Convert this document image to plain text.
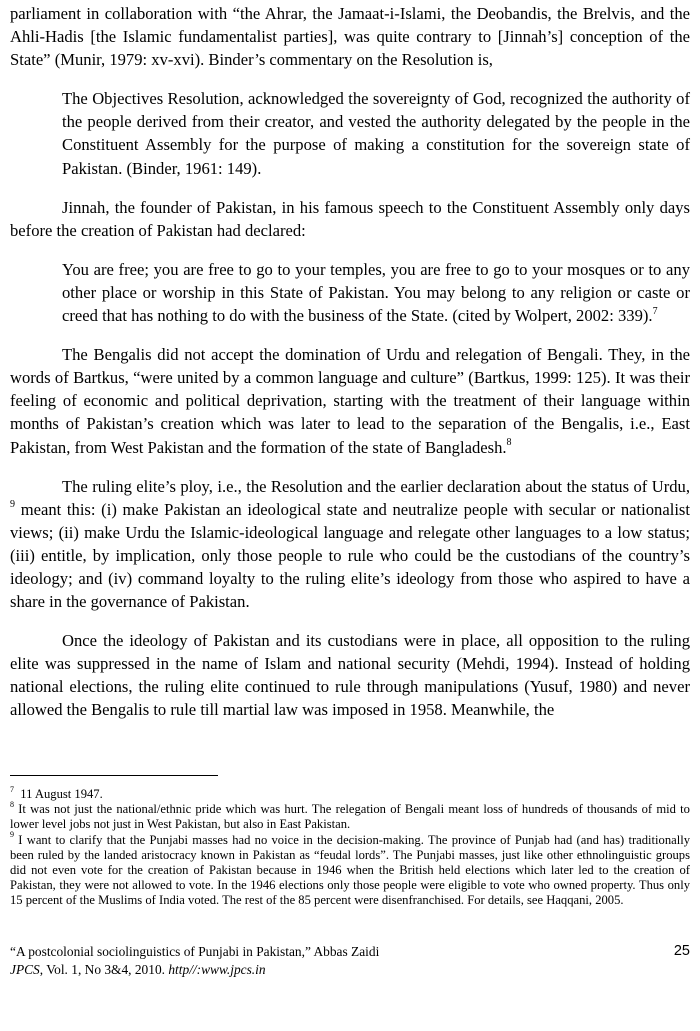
parliament in collaboration with “the Ahrar, the Jamaat-i-Islami, the Deobandis, the Brelvis, and the Ahli-Hadis [the Islamic fundamentalist parties], was quite contrary to [Jinnah’s] conception of the State” (Munir, 1979: xv-xvi). Binder’s commentary on the Resolution is,

The Objectives Resolution, acknowledged the sovereignty of God, recognized the authority of the people derived from their creator, and vested the authority delegated by the people in the Constituent Assembly for the purpose of making a constitution for the sovereign state of Pakistan. (Binder, 1961: 149).

Jinnah, the founder of Pakistan, in his famous speech to the Constituent Assembly only days before the creation of Pakistan had declared:

You are free; you are free to go to your temples, you are free to go to your mosques or to any other place or worship in this State of Pakistan. You may belong to any religion or caste or creed that has nothing to do with the business of the State. (cited by Wolpert, 2002: 339).$^7$

The Bengalis did not accept the domination of Urdu and relegation of Bengali. They, in the words of Bartkus, “were united by a common language and culture” (Bartkus, 1999: 125). It was their feeling of economic and political deprivation, starting with the treatment of their language within months of Pakistan’s creation which was later to lead to the separation of the Bengalis, i.e., East Pakistan, from West Pakistan and the formation of the state of Bangladesh.$^8$

The ruling elite’s ploy, i.e., the Resolution and the earlier declaration about the status of Urdu, $^9$ meant this: (i) make Pakistan an ideological state and neutralize people with secular or nationalist views; (ii) make Urdu the Islamic-ideological language and relegate other languages to a low status; (iii) entitle, by implication, only those people to rule who could be the custodians of the country’s ideology; and (iv) command loyalty to the ruling elite’s ideology from those who aspired to have a share in the governance of Pakistan.

Once the ideology of Pakistan and its custodians were in place, all opposition to the ruling elite was suppressed in the name of Islam and national security (Mehdi, 1994). Instead of holding national elections, the ruling elite continued to rule through manipulations (Yusuf, 1980) and never allowed the Bengalis to rule till martial law was imposed in 1958. Meanwhile, the

$^7$ 11 August 1947.

$^8$ It was not just the national/ethnic pride which was hurt. The relegation of Bengali meant loss of hundreds of thousands of mid to lower level jobs not just in West Pakistan, but also in East Pakistan.

$^9$ I want to clarify that the Punjabi masses had no voice in the decision-making. The province of Punjab had (and has) traditionally been ruled by the landed aristocracy known in Pakistan as “feudal lords”. The Punjabi masses, just like other ethnolinguistic groups did not even vote for the creation of Pakistan because in 1946 when the British held elections which later led to the creation of Pakistan, they were not allowed to vote. In the 1946 elections only those people were eligible to vote who owned property. Thus only 15 percent of the Muslims of India voted. The rest of the 85 percent were disenfranchised. For details, see Haqqani, 2005.

“A postcolonial sociolinguistics of Punjabi in Pakistan,” Abbas Zaidi

JPCS, Vol. 1, No 3&4, 2010. http//:www.jpcs.in

25
